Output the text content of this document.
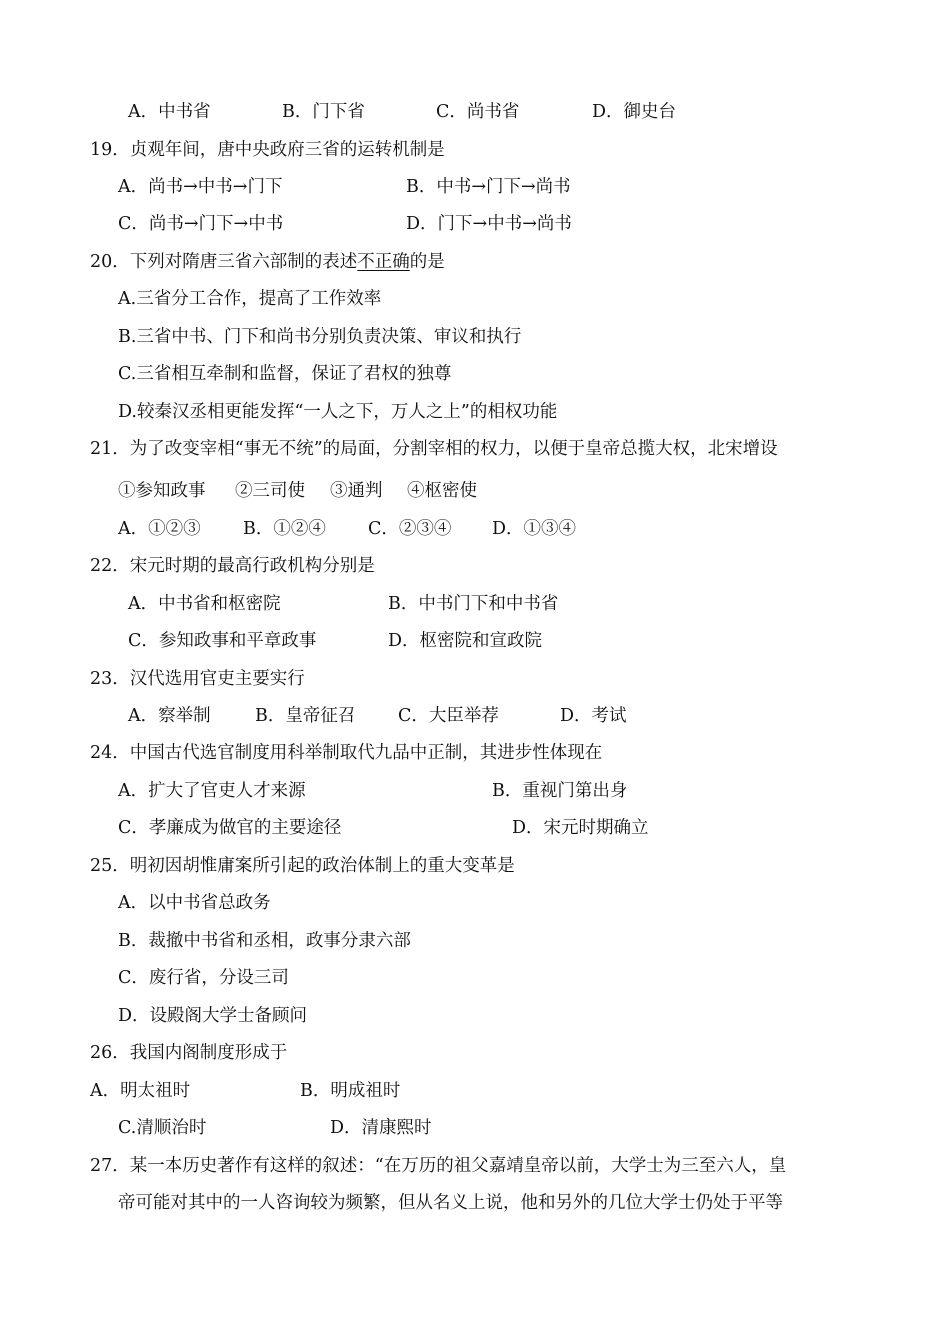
A．中书省	B．门下省	C．尚书省	D．御史台
19．贞观年间，唐中央政府三省的运转机制是
A．尚书→中书→门下	B．中书→门下→尚书
C．尚书→门下→中书	D．门下→中书→尚书
20．下列对隋唐三省六部制的表述不正确的是
A.三省分工合作，提高了工作效率
B.三省中书、门下和尚书分别负责决策、审议和执行
C.三省相互牵制和监督，保证了君权的独尊
D.较秦汉丞相更能发挥“一人之下，万人之上”的相权功能
21．为了改变宰相“事无不统”的局面，分割宰相的权力，以便于皇帝总揽大权，北宋增设
①参知政事 ②三司使 ③通判 ④枢密使
A．①②③ B．①②④ C．②③④ D．①③④
22．宋元时期的最高行政机构分别是
A．中书省和枢密院	B．中书门下和中书省
C．参知政事和平章政事	D．枢密院和宣政院
23．汉代选用官吏主要实行
A．察举制	B．皇帝征召 C．大臣举荐	D．考试
24．中国古代选官制度用科举制取代九品中正制，其进步性体现在
A．扩大了官吏人才来源	B．重视门第出身
C．孝廉成为做官的主要途径	D．宋元时期确立
25．明初因胡惟庸案所引起的政治体制上的重大变革是
A．以中书省总政务
B．裁撤中书省和丞相，政事分隶六部
C．废行省，分设三司
D．设殿阁大学士备顾问
26．我国内阁制度形成于
A．明太祖时	B．明成祖时
C.清顺治时	D．清康熙时
27．某一本历史著作有这样的叙述：“在万历的祖父嘉靖皇帝以前，大学士为三至六人，皇
帝可能对其中的一人咨询较为频繁，但从名义上说，他和另外的几位大学士仍处于平等
